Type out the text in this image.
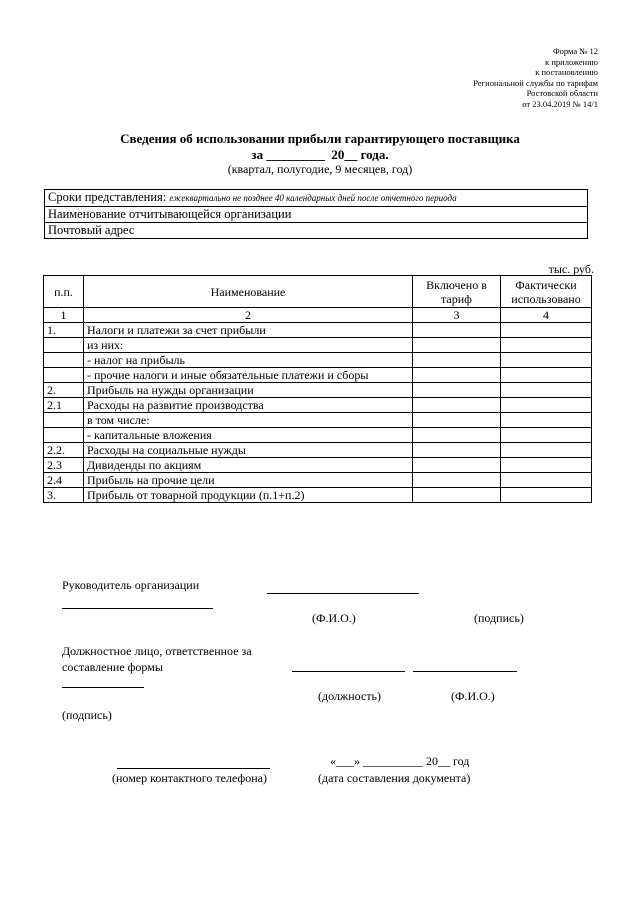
Форма № 12
к приложению
к постановлению
Региональной службы по тарифам
Ростовской области
от 23.04.2019 № 14/1
Сведения об использовании прибыли гарантирующего поставщика
за _________  20__ года.
(квартал, полугодие, 9 месяцев, год)
Сроки представления: ежеквартально не позднее 40 календарных дней после отчетного периода
Наименование отчитывающейся организации
Почтовый адрес
тыс. руб.
п.п.	Наименование	Включено в тариф	Фактически использовано
1	2	3	4
1.	Налоги и платежи за счет прибыли		
	из них:		
	- налог на прибыль		
	- прочие налоги и иные обязательные платежи и сборы		
2.	Прибыль на нужды организации		
2.1	Расходы на развитие производства		
	в том числе:		
	- капитальные вложения		
2.2.	Расходы на социальные нужды		
2.3	Дивиденды по акциям		
2.4	Прибыль на прочие цели		
3.	Прибыль от товарной продукции (п.1+п.2)		
Руководитель организации
(Ф.И.О.)	(подпись)
Должностное лицо, ответственное за
составление формы
(должность)	(Ф.И.О.)
(подпись)
«___» __________ 20__ год
(номер контактного телефона)	(дата составления документа)
